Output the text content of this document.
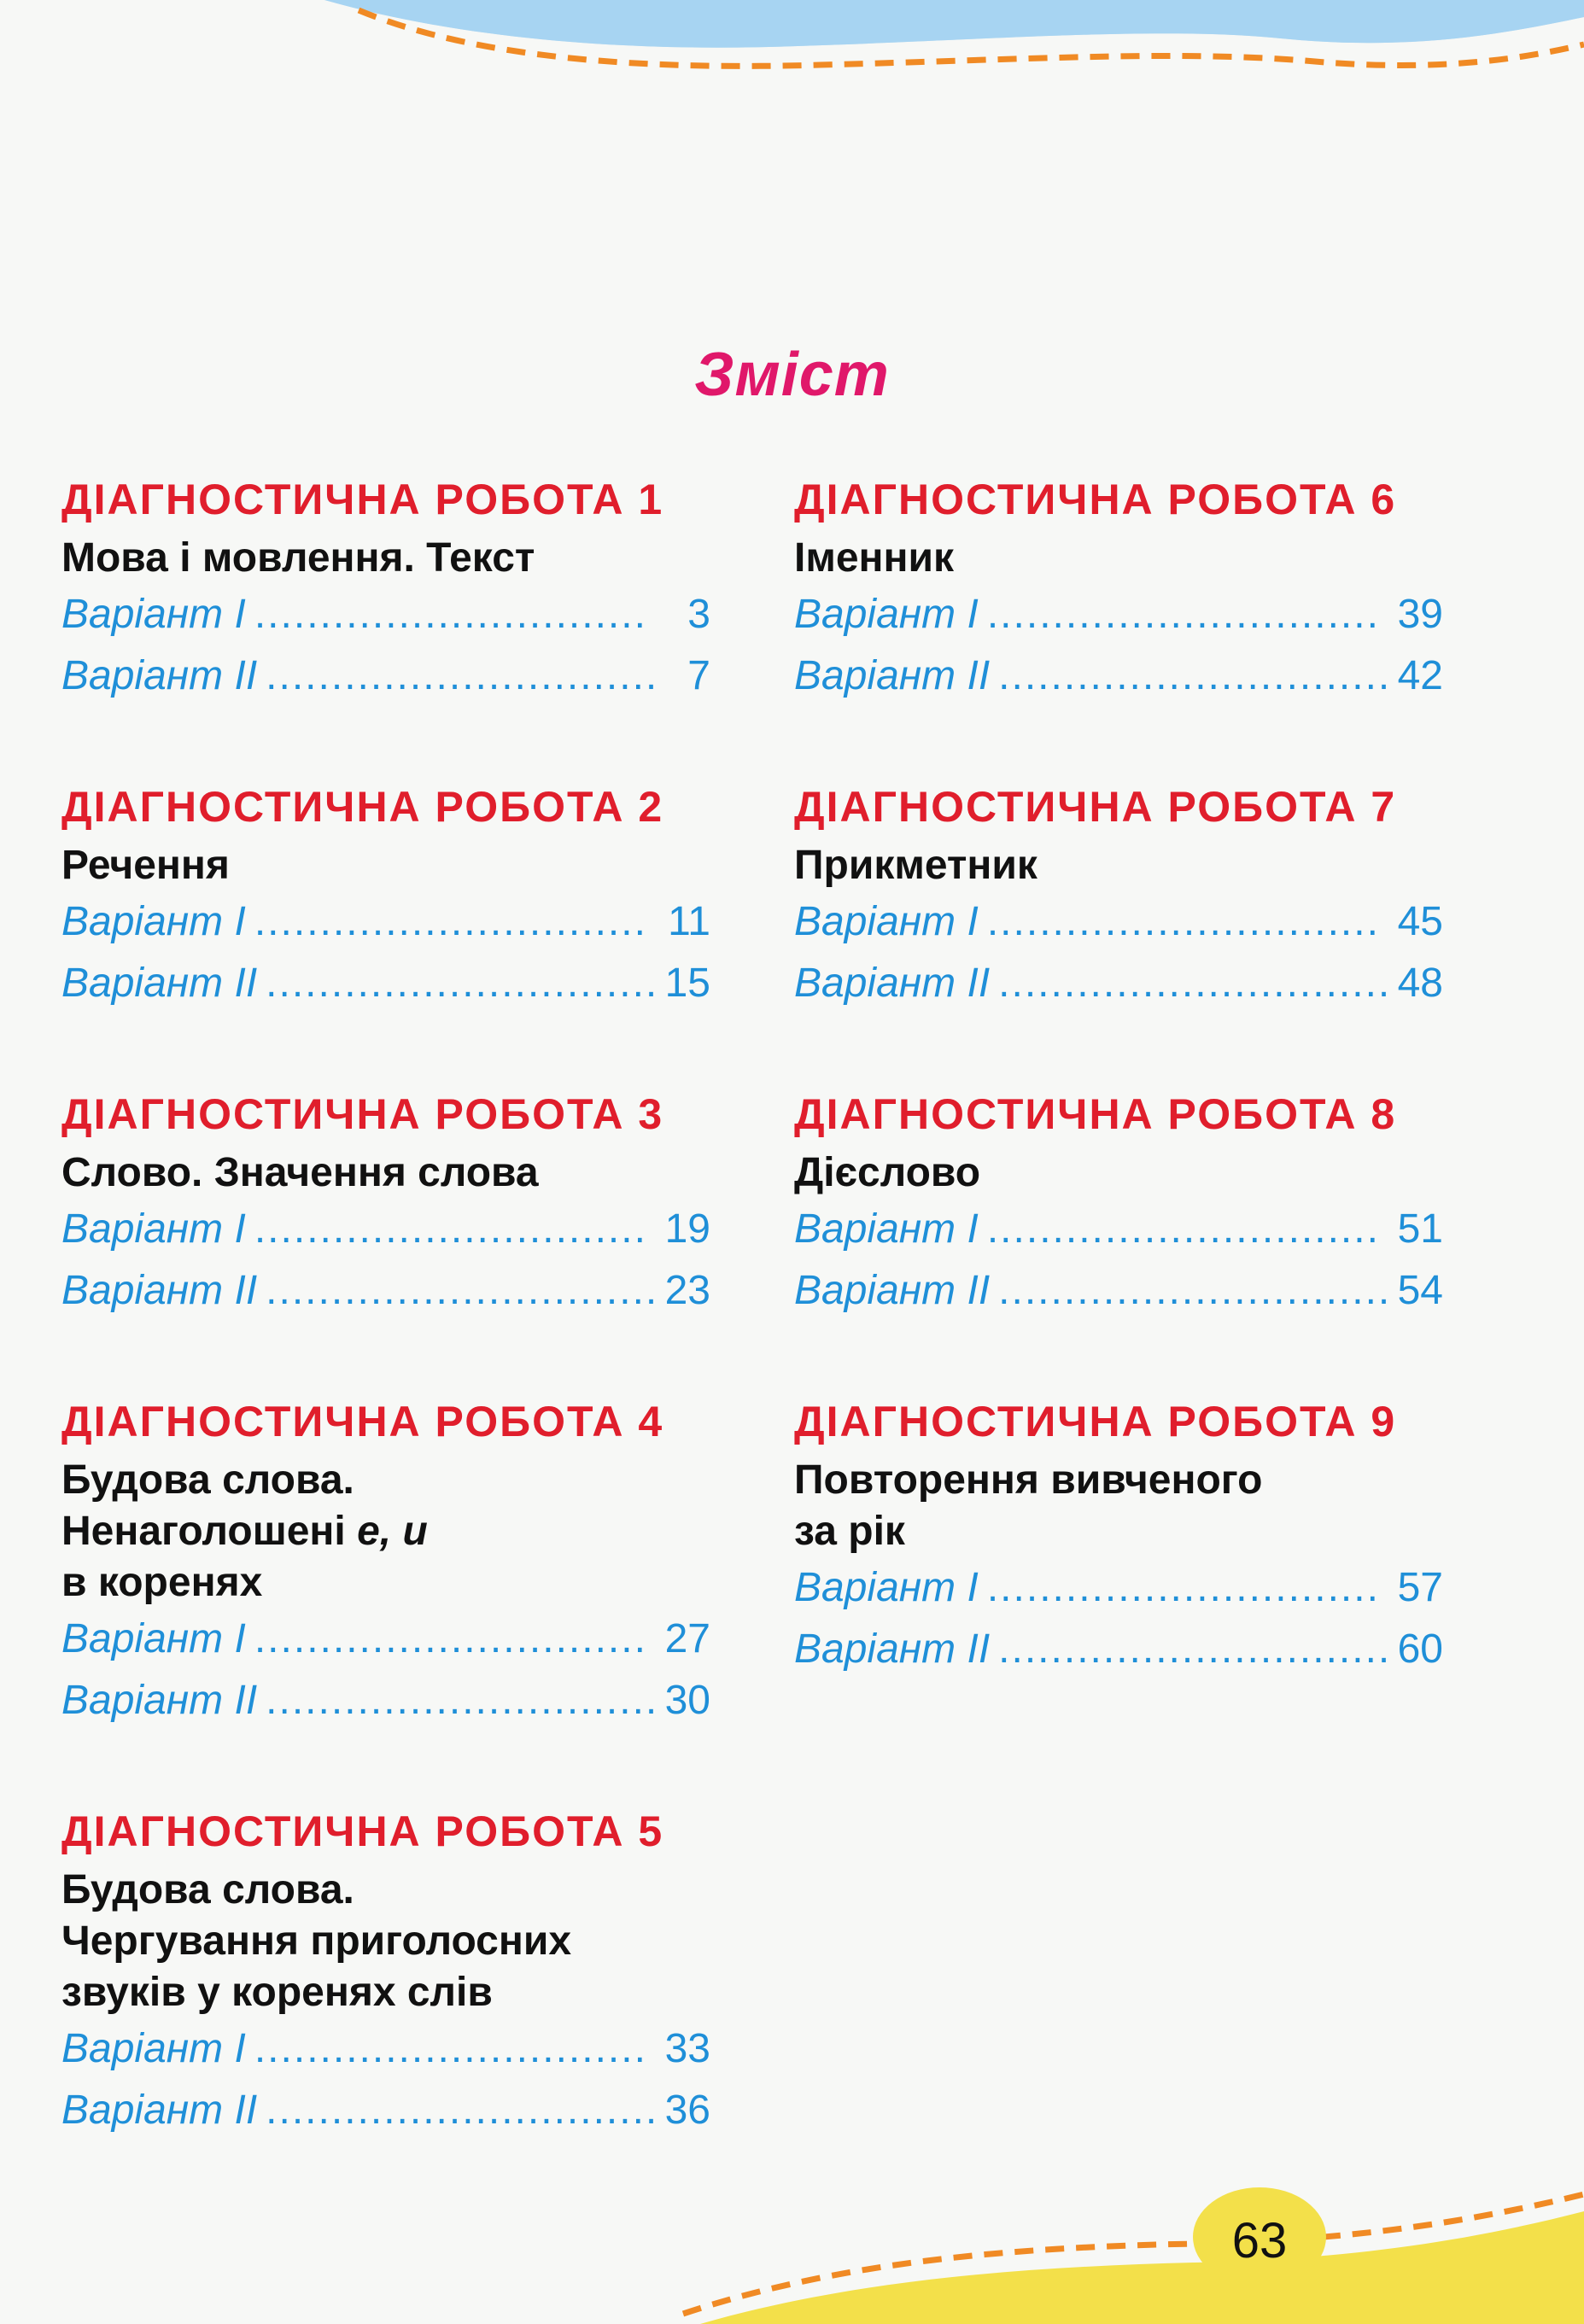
Зміст
ДІАГНОСТИЧНА РОБОТА 1
Мова і мовлення. Текст
Варіант I .............................. 3
Варіант II .............................. 7
ДІАГНОСТИЧНА РОБОТА 2
Речення
Варіант I .............................. 11
Варіант II .............................. 15
ДІАГНОСТИЧНА РОБОТА 3
Слово. Значення слова
Варіант I .............................. 19
Варіант II .............................. 23
ДІАГНОСТИЧНА РОБОТА 4
Будова слова.
Ненаголошені е, и
в коренях
Варіант I .............................. 27
Варіант II .............................. 30
ДІАГНОСТИЧНА РОБОТА 5
Будова слова.
Чергування приголосних
звуків у коренях слів
Варіант I .............................. 33
Варіант II .............................. 36
ДІАГНОСТИЧНА РОБОТА 6
Іменник
Варіант I .............................. 39
Варіант II .............................. 42
ДІАГНОСТИЧНА РОБОТА 7
Прикметник
Варіант I .............................. 45
Варіант II .............................. 48
ДІАГНОСТИЧНА РОБОТА 8
Дієслово
Варіант I .............................. 51
Варіант II .............................. 54
ДІАГНОСТИЧНА РОБОТА 9
Повторення вивченого
за рік
Варіант I .............................. 57
Варіант II .............................. 60
63
